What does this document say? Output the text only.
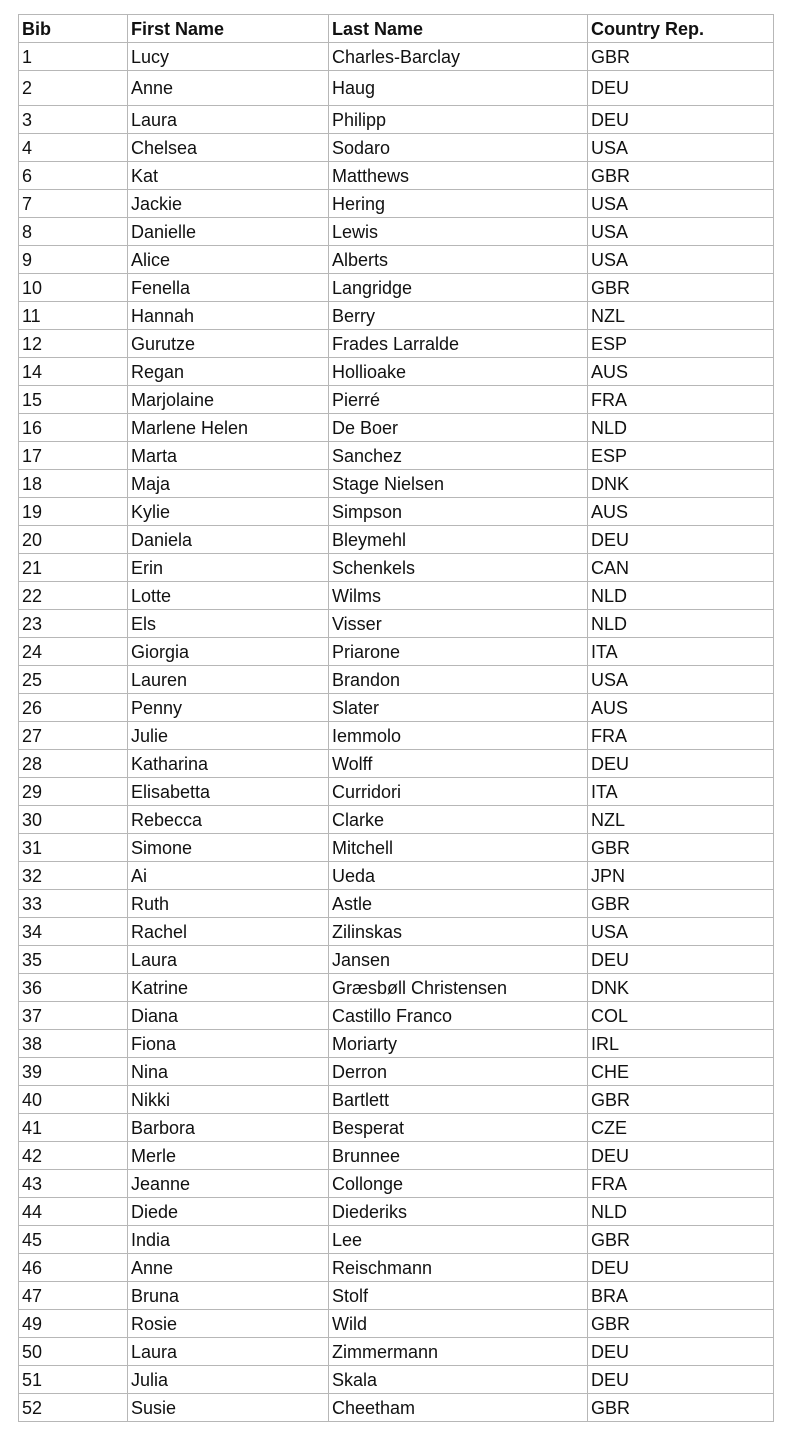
Bib	First Name	Last Name	Country Rep.
1	Lucy	Charles-Barclay	GBR
2	Anne	Haug	DEU
3	Laura	Philipp	DEU
4	Chelsea	Sodaro	USA
6	Kat	Matthews	GBR
7	Jackie	Hering	USA
8	Danielle	Lewis	USA
9	Alice	Alberts	USA
10	Fenella	Langridge	GBR
11	Hannah	Berry	NZL
12	Gurutze	Frades Larralde	ESP
14	Regan	Hollioake	AUS
15	Marjolaine	Pierré	FRA
16	Marlene Helen	De Boer	NLD
17	Marta	Sanchez	ESP
18	Maja	Stage Nielsen	DNK
19	Kylie	Simpson	AUS
20	Daniela	Bleymehl	DEU
21	Erin	Schenkels	CAN
22	Lotte	Wilms	NLD
23	Els	Visser	NLD
24	Giorgia	Priarone	ITA
25	Lauren	Brandon	USA
26	Penny	Slater	AUS
27	Julie	Iemmolo	FRA
28	Katharina	Wolff	DEU
29	Elisabetta	Curridori	ITA
30	Rebecca	Clarke	NZL
31	Simone	Mitchell	GBR
32	Ai	Ueda	JPN
33	Ruth	Astle	GBR
34	Rachel	Zilinskas	USA
35	Laura	Jansen	DEU
36	Katrine	Græsbøll Christensen	DNK
37	Diana	Castillo Franco	COL
38	Fiona	Moriarty	IRL
39	Nina	Derron	CHE
40	Nikki	Bartlett	GBR
41	Barbora	Besperat	CZE
42	Merle	Brunnee	DEU
43	Jeanne	Collonge	FRA
44	Diede	Diederiks	NLD
45	India	Lee	GBR
46	Anne	Reischmann	DEU
47	Bruna	Stolf	BRA
49	Rosie	Wild	GBR
50	Laura	Zimmermann	DEU
51	Julia	Skala	DEU
52	Susie	Cheetham	GBR
